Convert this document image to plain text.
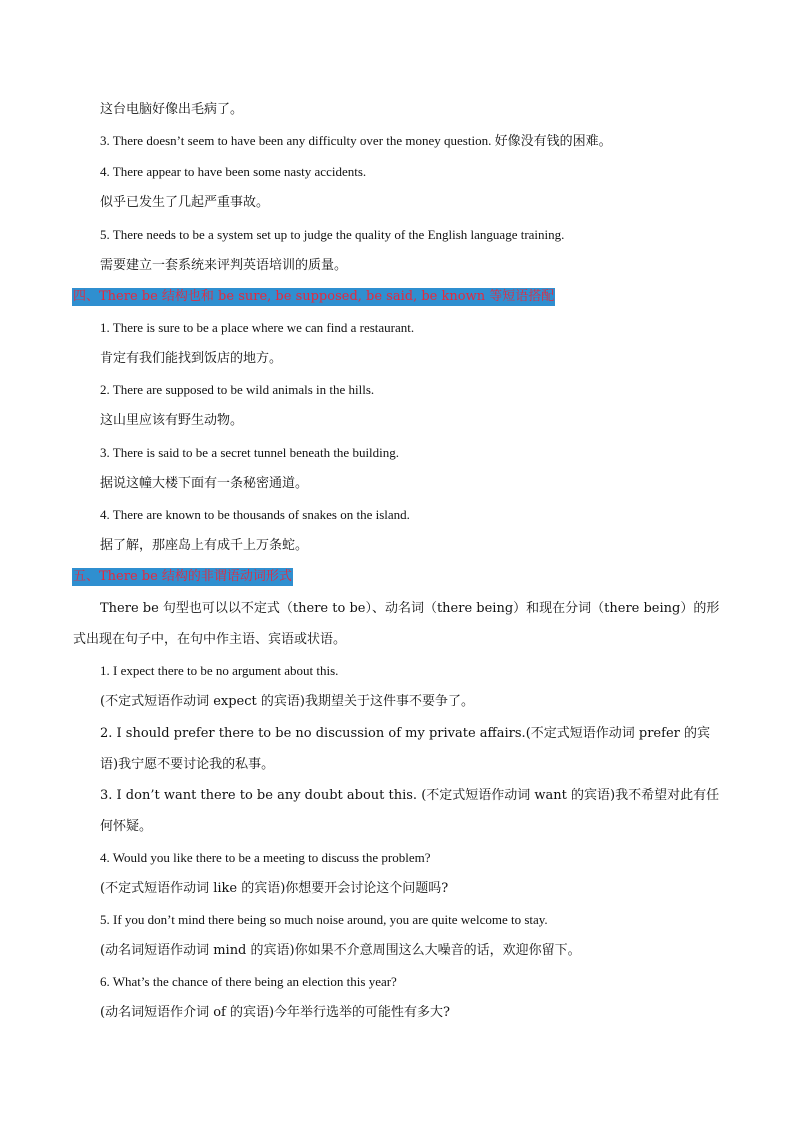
这台电脑好像出毛病了。
3. There doesn’t seem to have been any difficulty over the money question. 好像没有钱的困难。
4. There appear to have been some nasty accidents.
似乎已发生了几起严重事故。
5. There needs to be a system set up to judge the quality of the English language training.
需要建立一套系统来评判英语培训的质量。
四、There be 结构也和 be sure, be supposed, be said, be known 等短语搭配
1. There is sure to be a place where we can find a restaurant.
肯定有我们能找到饭店的地方。
2. There are supposed to be wild animals in the hills.
这山里应该有野生动物。
3. There is said to be a secret tunnel beneath the building.
据说这幢大楼下面有一条秘密通道。
4. There are known to be thousands of snakes on the island.
据了解，那座岛上有成千上万条蛇。
五、There be 结构的非谓语动词形式
There be 句型也可以以不定式（there to be）、动名词（there being）和现在分词（there being）的形式出现在句子中，在句中作主语、宾语或状语。
1. I expect there to be no argument about this.
(不定式短语作动词 expect 的宾语)我期望关于这件事不要争了。
2. I should prefer there to be no discussion of my private affairs.(不定式短语作动词 prefer 的宾语)我宁愿不要讨论我的私事。
3. I don’t want there to be any doubt about this. (不定式短语作动词 want 的宾语)我不希望对此有任何怀疑。
4. Would you like there to be a meeting to discuss the problem?
(不定式短语作动词 like 的宾语)你想要开会讨论这个问题吗?
5. If you don’t mind there being so much noise around, you are quite welcome to stay.
(动名词短语作动词 mind 的宾语)你如果不介意周围这么大噪音的话，欢迎你留下。
6. What’s the chance of there being an election this year?
(动名词短语作介词 of 的宾语)今年举行选举的可能性有多大?
